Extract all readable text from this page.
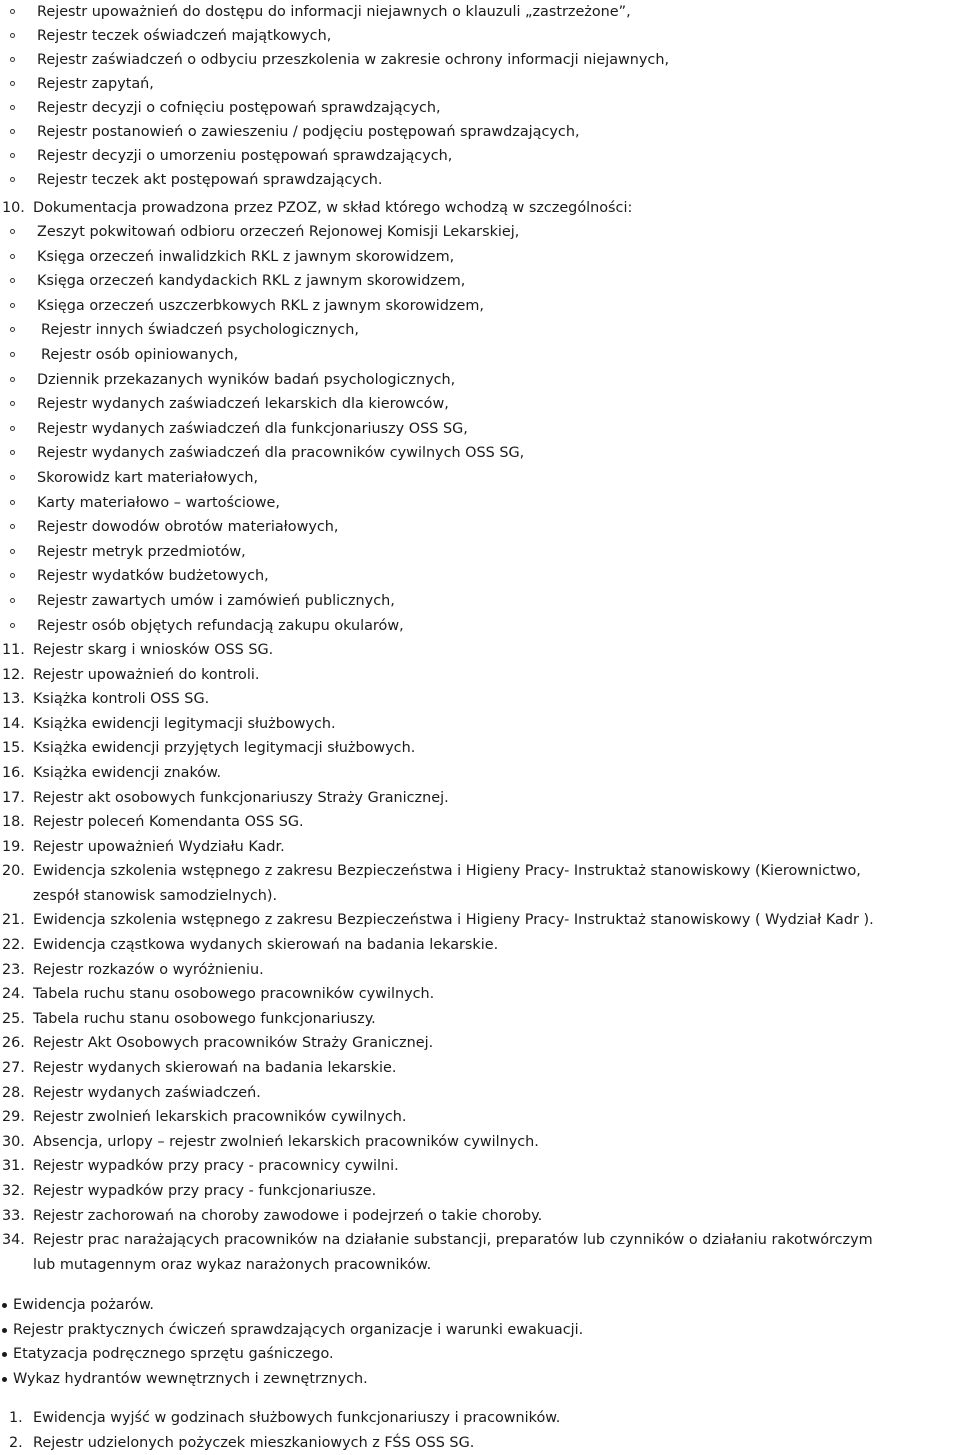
Rejestr upoważnień do dostępu do informacji niejawnych o klauzuli „zastrzeżone”,
Rejestr teczek oświadczeń majątkowych,
Rejestr zaświadczeń o odbyciu przeszkolenia w zakresie ochrony informacji niejawnych,
Rejestr zapytań,
Rejestr decyzji o cofnięciu postępowań sprawdzających,
Rejestr postanowień o zawieszeniu / podjęciu postępowań sprawdzających,
Rejestr decyzji o umorzeniu postępowań sprawdzających,
Rejestr teczek akt postępowań sprawdzających.
10. Dokumentacja prowadzona przez PZOZ, w skład którego wchodzą w szczególności:
Zeszyt pokwitowań odbioru orzeczeń Rejonowej Komisji Lekarskiej,
Księga orzeczeń inwalidzkich RKL z jawnym skorowidzem,
Księga orzeczeń kandydackich RKL z jawnym skorowidzem,
Księga orzeczeń uszczerbkowych RKL z jawnym skorowidzem,
Rejestr innych świadczeń psychologicznych,
Rejestr osób opiniowanych,
Dziennik przekazanych wyników badań psychologicznych,
Rejestr wydanych zaświadczeń lekarskich dla kierowców,
Rejestr wydanych zaświadczeń dla funkcjonariuszy OSS SG,
Rejestr wydanych zaświadczeń dla pracowników cywilnych OSS SG,
Skorowidz kart materiałowych,
Karty materiałowo – wartościowe,
Rejestr dowodów obrotów materiałowych,
Rejestr metryk przedmiotów,
Rejestr wydatków budżetowych,
Rejestr zawartych umów i zamówień publicznych,
Rejestr osób objętych refundacją zakupu okularów,
11. Rejestr skarg i wniosków OSS SG.
12. Rejestr upoważnień do kontroli.
13. Książka kontroli OSS SG.
14. Książka ewidencji legitymacji służbowych.
15. Książka ewidencji przyjętych legitymacji służbowych.
16. Książka ewidencji znaków.
17. Rejestr akt osobowych funkcjonariuszy Straży Granicznej.
18. Rejestr poleceń Komendanta OSS SG.
19. Rejestr upoważnień Wydziału Kadr.
20. Ewidencja szkolenia wstępnego z zakresu Bezpieczeństwa i Higieny Pracy- Instruktaż stanowiskowy (Kierownictwo,
zespół stanowisk samodzielnych).
21. Ewidencja szkolenia wstępnego z zakresu Bezpieczeństwa i Higieny Pracy- Instruktaż stanowiskowy ( Wydział Kadr ).
22. Ewidencja cząstkowa wydanych skierowań na badania lekarskie.
23. Rejestr rozkazów o wyróżnieniu.
24. Tabela ruchu stanu osobowego pracowników cywilnych.
25. Tabela ruchu stanu osobowego funkcjonariuszy.
26. Rejestr Akt Osobowych pracowników Straży Granicznej.
27. Rejestr wydanych skierowań na badania lekarskie.
28. Rejestr wydanych zaświadczeń.
29. Rejestr zwolnień lekarskich pracowników cywilnych.
30. Absencja, urlopy – rejestr zwolnień lekarskich pracowników cywilnych.
31. Rejestr wypadków przy pracy - pracownicy cywilni.
32. Rejestr wypadków przy pracy - funkcjonariusze.
33. Rejestr zachorowań na choroby zawodowe i podejrzeń o takie choroby.
34. Rejestr prac narażających pracowników na działanie substancji, preparatów lub czynników o działaniu rakotwórczym
lub mutagennym oraz wykaz narażonych pracowników.
Ewidencja pożarów.
Rejestr praktycznych ćwiczeń sprawdzających organizacje i warunki ewakuacji.
Etatyzacja podręcznego sprzętu gaśniczego.
Wykaz hydrantów wewnętrznych i zewnętrznych.
1. Ewidencja wyjść w godzinach służbowych funkcjonariuszy i pracowników.
2. Rejestr udzielonych pożyczek mieszkaniowych z FŚS OSS SG.
